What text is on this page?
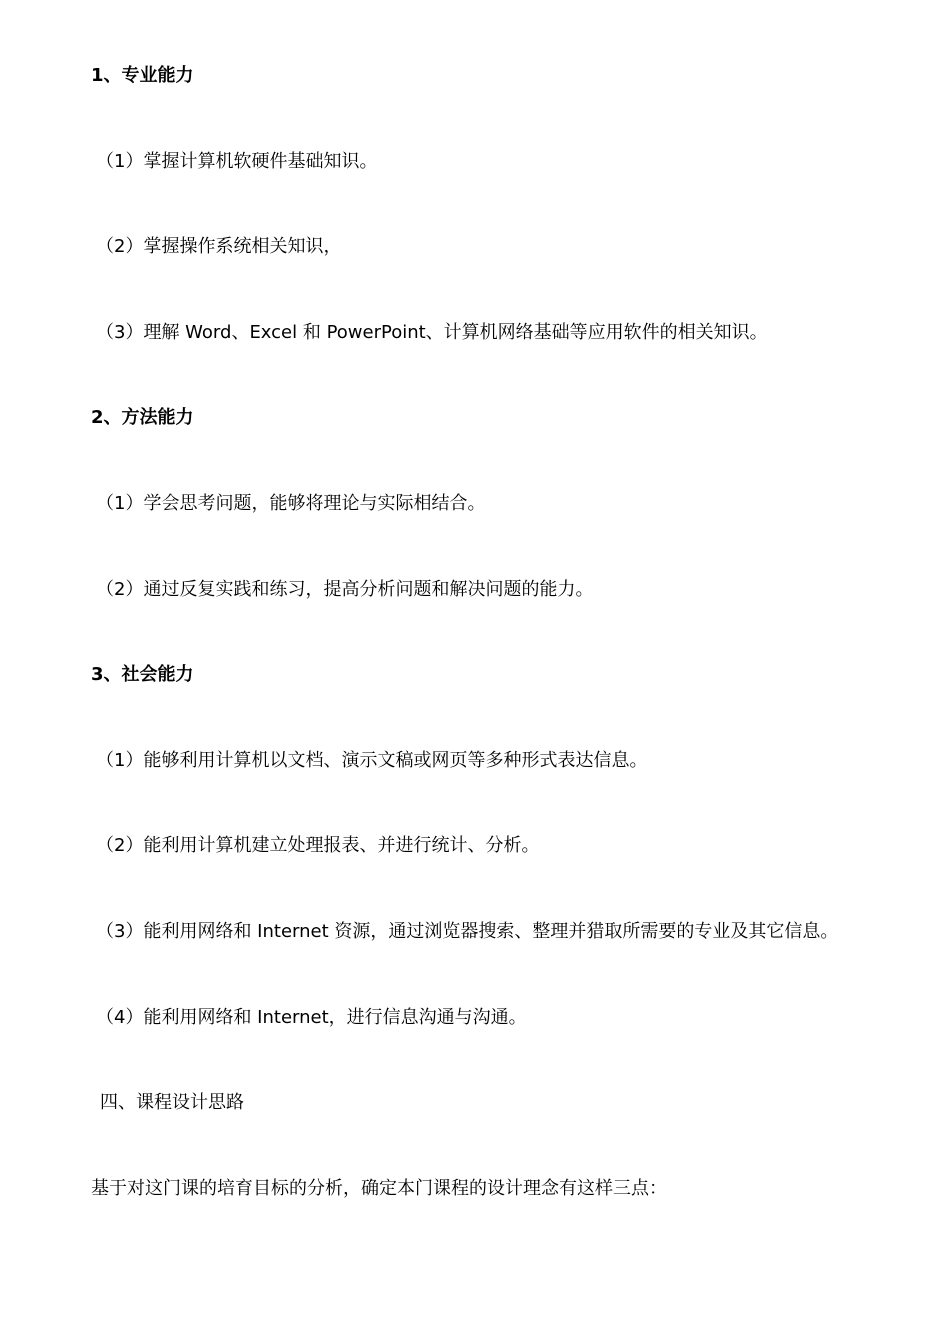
1、专业能力
（1）掌握计算机软硬件基础知识。
（2）掌握操作系统相关知识，
（3）理解 Word、Excel 和 PowerPoint、计算机网络基础等应用软件的相关知识。
2、方法能力
（1）学会思考问题，能够将理论与实际相结合。
（2）通过反复实践和练习，提高分析问题和解决问题的能力。
3、社会能力
（1）能够利用计算机以文档、演示文稿或网页等多种形式表达信息。
（2）能利用计算机建立处理报表、并进行统计、分析。
（3）能利用网络和 Internet 资源，通过浏览器搜索、整理并猎取所需要的专业及其它信息。
（4）能利用网络和 Internet，进行信息沟通与沟通。
四、课程设计思路
基于对这门课的培育目标的分析，确定本门课程的设计理念有这样三点：
